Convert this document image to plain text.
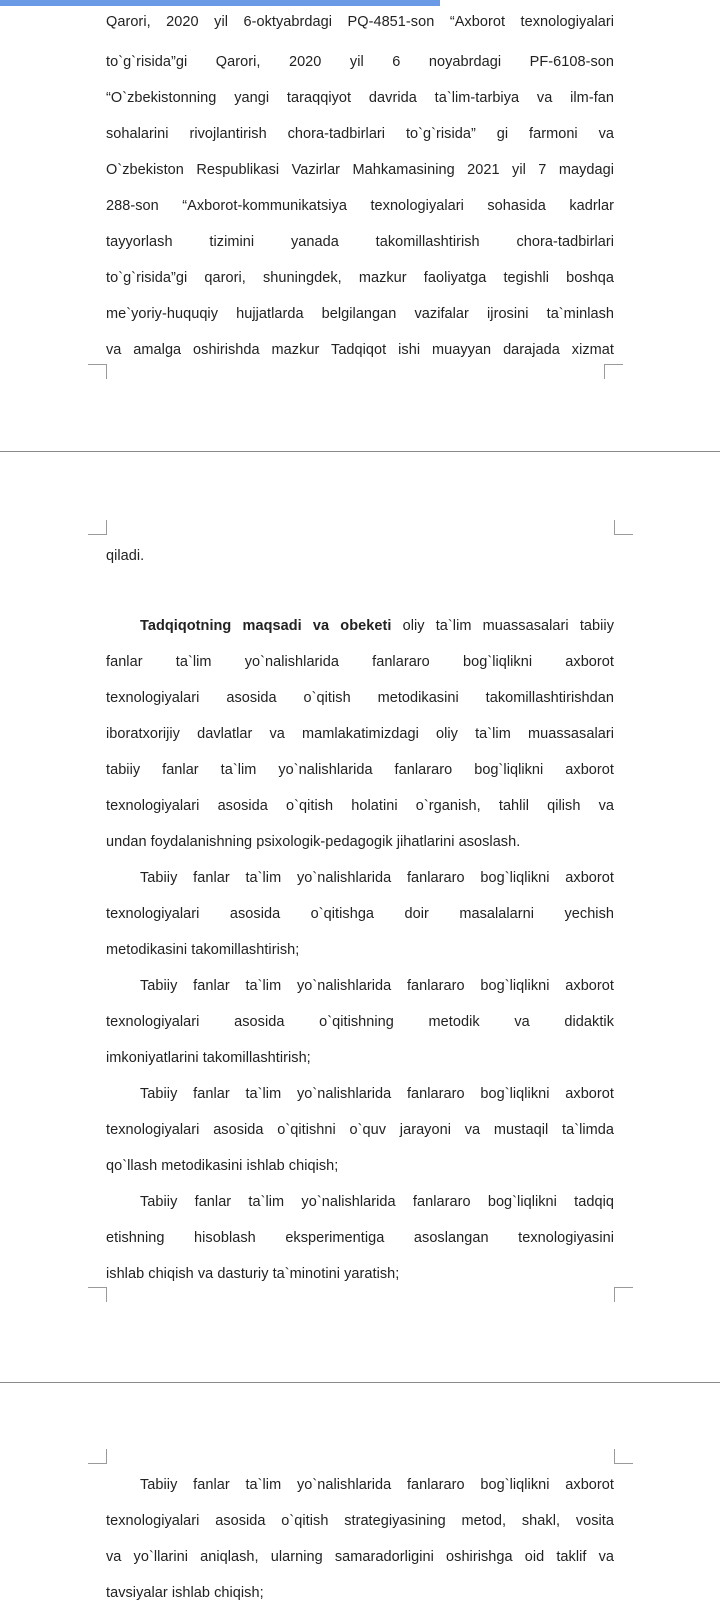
Qarori, 2020 yil 6-oktyabrdagi PQ-4851-son “Axborot texnologiyalari

to`g`risida”gi Qarori, 2020 yil 6 noyabrdagi PF-6108-son

“O`zbekistonning yangi taraqqiyot davrida ta`lim-tarbiya va ilm-fan

sohalarini rivojlantirish chora-tadbirlari to`g`risida” gi farmoni va

O`zbekiston Respublikasi Vazirlar Mahkamasining 2021 yil 7 maydagi

288-son “Axborot-kommunikatsiya texnologiyalari sohasida kadrlar

tayyorlash tizimini yanada takomillashtirish chora-tadbirlari

to`g`risida”gi qarori, shuningdek, mazkur faoliyatga tegishli boshqa

me`yoriy-huquqiy hujjatlarda belgilangan vazifalar ijrosini ta`minlash

va amalga oshirishda mazkur Tadqiqot ishi muayyan darajada xizmat

qiladi.

Tadqiqotning maqsadi va obeketi oliy ta`lim muassasalari tabiiy

fanlar ta`lim yo`nalishlarida fanlararo bog`liqlikni axborot

texnologiyalari asosida o`qitish metodikasini takomillashtirishdan

iboratxorijiy davlatlar va mamlakatimizdagi oliy ta`lim muassasalari

tabiiy fanlar ta`lim yo`nalishlarida fanlararo bog`liqlikni axborot

texnologiyalari asosida o`qitish holatini o`rganish, tahlil qilish va

undan foydalanishning psixologik-pedagogik jihatlarini asoslash.

Tabiiy fanlar ta`lim yo`nalishlarida fanlararo bog`liqlikni axborot

texnologiyalari asosida o`qitishga doir masalalarni yechish

metodikasini takomillashtirish;

Tabiiy fanlar ta`lim yo`nalishlarida fanlararo bog`liqlikni axborot

texnologiyalari asosida o`qitishning metodik va didaktik

imkoniyatlarini takomillashtirish;

Tabiiy fanlar ta`lim yo`nalishlarida fanlararo bog`liqlikni axborot

texnologiyalari asosida o`qitishni o`quv jarayoni va mustaqil ta`limda

qo`llash metodikasini ishlab chiqish;

Tabiiy fanlar ta`lim yo`nalishlarida fanlararo bog`liqlikni tadqiq

etishning hisoblash eksperimentiga asoslangan texnologiyasini

ishlab chiqish va dasturiy ta`minotini yaratish;

Tabiiy fanlar ta`lim yo`nalishlarida fanlararo bog`liqlikni axborot

texnologiyalari asosida o`qitish strategiyasining metod, shakl, vosita

va yo`llarini aniqlash, ularning samaradorligini oshirishga oid taklif va

tavsiyalar ishlab chiqish;
